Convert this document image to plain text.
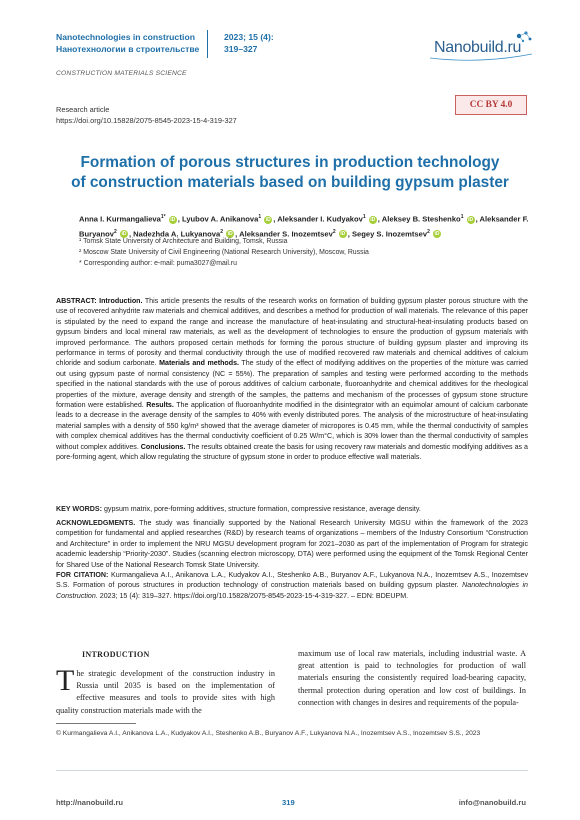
Nanotechnologies in construction
Нанотехнологии в строительстве
2023; 15 (4):
319–327	Nanobuild.ru
CONSTRUCTION MATERIALS SCIENCE
Research article
https://doi.org/10.15828/2075-8545-2023-15-4-319-327
CC BY 4.0
Formation of porous structures in production technology
of construction materials based on building gypsum plaster
Anna I. Kurmangalieva$^{1*}$ iD , Lyubov A. Anikanova$^1$ iD , Aleksander I. Kudyakov$^1$ iD , Aleksey B. Steshenko$^1$ iD , Aleksander F. Buryanov$^2$ iD , Nadezhda A. Lukyanova$^2$ iD , Aleksander S. Inozemtsev$^2$ iD , Segey S. Inozemtsev$^2$ iD
¹ Tomsk State University of Architecture and Building, Tomsk, Russia
² Moscow State University of Civil Engineering (National Research University), Moscow, Russia
* Corresponding author: e-mail: puma3027@mail.ru
ABSTRACT: Introduction. This article presents the results of the research works on formation of building gypsum plaster porous structure with the use of recovered anhydrite raw materials and chemical additives, and describes a method for production of wall materials. The relevance of this paper is stipulated by the need to expand the range and increase the manufacture of heat-insulating and structural-heat-insulating products based on gypsum binders and local mineral raw materials, as well as the development of technologies to ensure the production of gypsum materials with improved performance. The authors proposed certain methods for forming the porous structure of building gypsum plaster and improving its performance in terms of porosity and thermal conductivity through the use of modified recovered raw materials and chemical additives of calcium chloride and sodium carbonate. Materials and methods. The study of the effect of modifying additives on the properties of the mixture was carried out using gypsum paste of normal consistency (NC = 55%). The preparation of samples and testing were performed according to the methods specified in the national standards with the use of porous additives of calcium carbonate, fluoroanhydrite and chemical additives for the rheological properties of the mixture, average density and strength of the samples, the patterns and mechanism of the processes of gypsum stone structure formation were established. Results. The application of fluoroanhydrite modified in the disintegrator with an equimolar amount of calcium carbonate leads to a decrease in the average density of the samples to 40% with evenly distributed pores. The analysis of the microstructure of heat-insulating material samples with a density of 550 kg/m³ showed that the average diameter of micropores is 0.45 mm, while the thermal conductivity of samples with complex chemical additives has the thermal conductivity coefficient of 0.25 W/m°C, which is 30% lower than the thermal conductivity of samples without complex additives. Conclusions. The results obtained create the basis for using recovery raw materials and domestic modifying additives as a pore-forming agent, which allow regulating the structure of gypsum stone in order to produce effective wall materials.
KEY WORDS: gypsum matrix, pore-forming additives, structure formation, compressive resistance, average density.
ACKNOWLEDGMENTS. The study was financially supported by the National Research University MGSU within the framework of the 2023 competition for fundamental and applied researches (R&D) by research teams of organizations – members of the Industry Consortium “Construction and Architecture” in order to implement the NRU MGSU development program for 2021–2030 as part of the implementation of Program for strategic academic leadership “Priority-2030”. Studies (scanning electron microscopy, DTA) were performed using the equipment of the Tomsk Regional Center for Shared Use of the National Research Tomsk State University.
FOR CITATION: Kurmangalieva A.I., Anikanova L.A., Kudyakov A.I., Steshenko A.B., Buryanov A.F., Lukyanova N.A., Inozemtsev A.S., Inozemtsev S.S. Formation of porous structures in production technology of construction materials based on building gypsum plaster. Nanotechnologies in Construction. 2023; 15 (4): 319–327. https://doi.org/10.15828/2075-8545-2023-15-4-319-327. – EDN: BDEUPM.
INTRODUCTION
The strategic development of the construction industry in Russia until 2035 is based on the implementation of effective measures and tools to provide sites with high quality construction materials made with the
maximum use of local raw materials, including industrial waste. A great attention is paid to technologies for production of wall materials ensuring the consistently required load-bearing capacity, thermal protection during operation and low cost of buildings. In connection with changes in desires and requirements of the popula-
© Kurmangalieva A.I., Anikanova L.A., Kudyakov A.I., Steshenko A.B., Buryanov A.F., Lukyanova N.A., Inozemtsev A.S., Inozemtsev S.S., 2023
http://nanobuild.ru	319	info@nanobuild.ru
